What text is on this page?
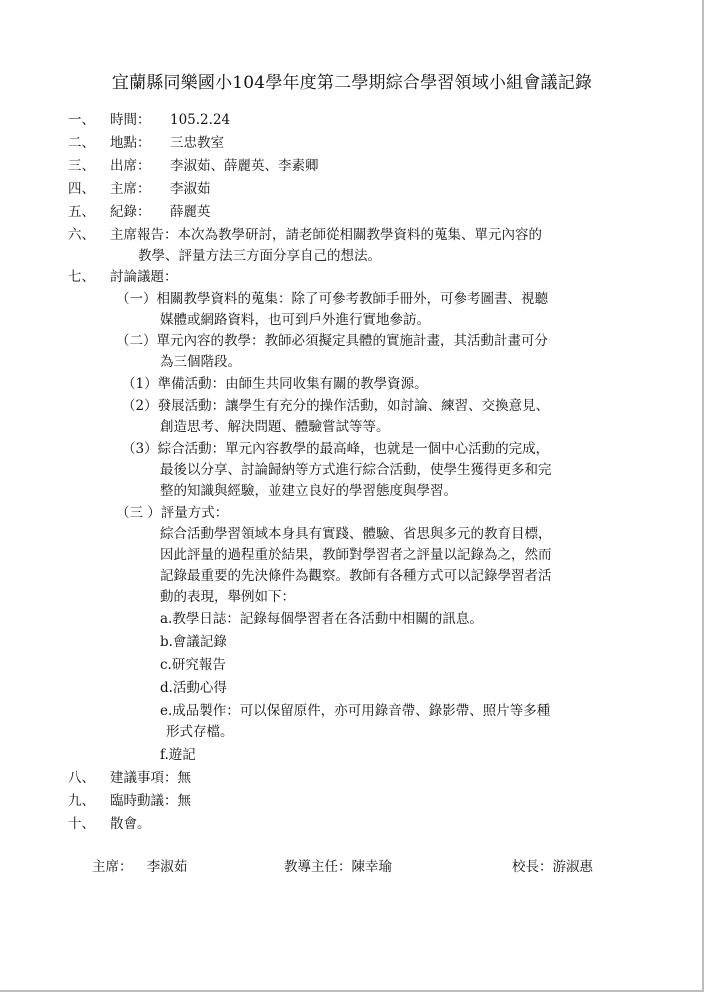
宜蘭縣同樂國小104學年度第二學期綜合學習領域小組會議記錄
一、	時間： 105.2.24
二、	地點： 三忠教室
三、	出席： 李淑茹、薛麗英、李素卿
四、	主席： 李淑茹
五、	紀錄： 薛麗英
六、	主席報告：本次為教學研討，請老師從相關教學資料的蒐集、單元內容的
教學、評量方法三方面分享自己的想法。
七、	討論議題：
（一）相關教學資料的蒐集：除了可參考教師手冊外，可參考圖書、視聽
媒體或網路資料，也可到戶外進行實地參訪。
（二）單元內容的教學：教師必須擬定具體的實施計畫，其活動計畫可分
為三個階段。
（1）準備活動：由師生共同收集有關的教學資源。
（2）發展活動：讓學生有充分的操作活動，如討論、練習、交換意見、
創造思考、解決問題、體驗嘗試等等。
（3）綜合活動：單元內容教學的最高峰，也就是一個中心活動的完成，
最後以分享、討論歸納等方式進行綜合活動，使學生獲得更多和完
整的知識與經驗，並建立良好的學習態度與學習。
（三 ）評量方式：
綜合活動學習領域本身具有實踐、體驗、省思與多元的教育目標，
因此評量的過程重於結果，教師對學習者之評量以記錄為之，然而
記錄最重要的先決條件為觀察。教師有各種方式可以記錄學習者活
動的表現，舉例如下：
a.教學日誌：記錄每個學習者在各活動中相關的訊息。
b.會議記錄
c.研究報告
d.活動心得
e.成品製作：可以保留原件，亦可用錄音帶、錄影帶、照片等多種
形式存檔。
f.遊記
八、	建議事項：無
九、	臨時動議：無
十、	散會。
主席： 李淑茹	教導主任：陳幸瑜	校長：游淑惠
